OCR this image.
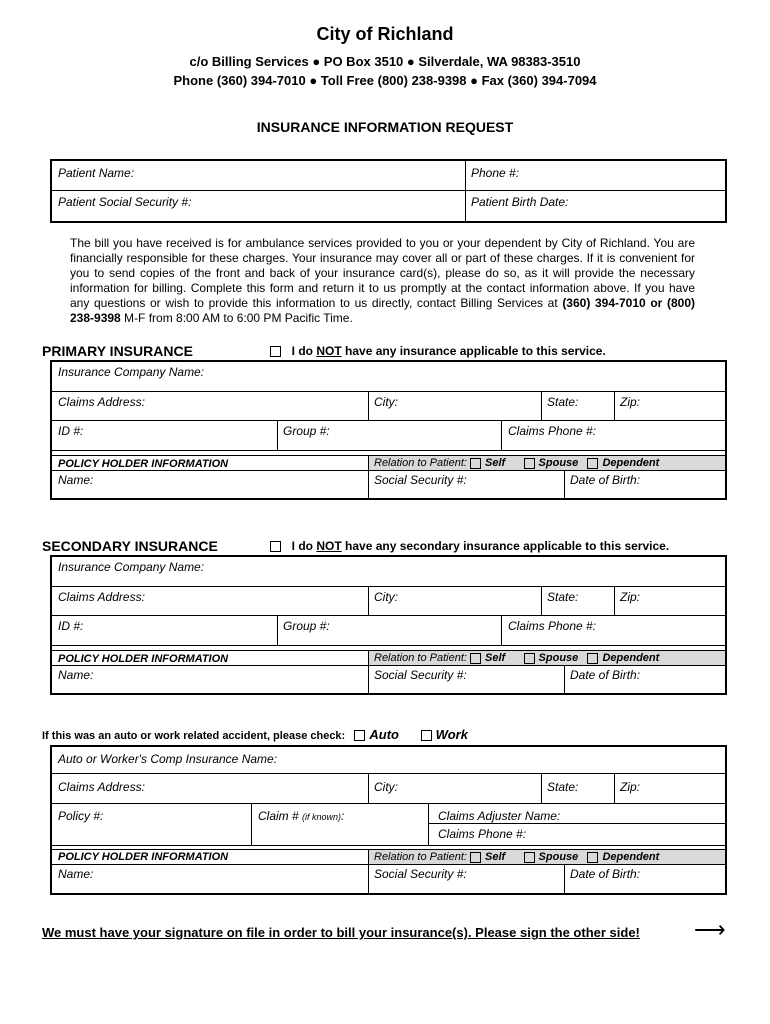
City of Richland
c/o Billing Services ● PO Box 3510 ● Silverdale, WA 98383-3510
Phone (360) 394-7010 ● Toll Free (800) 238-9398 ● Fax (360) 394-7094
INSURANCE INFORMATION REQUEST
Patient Name:	Phone #:
Patient Social Security #:	Patient Birth Date:
The bill you have received is for ambulance services provided to you or your dependent by City of Richland. You are financially responsible for these charges. Your insurance may cover all or part of these charges. If it is convenient for you to send copies of the front and back of your insurance card(s), please do so, as it will provide the necessary information for billing. Complete this form and return it to us promptly at the contact information above. If you have any questions or wish to provide this information to us directly, contact Billing Services at (360) 394-7010 or (800) 238-9398 M-F from 8:00 AM to 6:00 PM Pacific Time.
PRIMARY INSURANCE	I do NOT have any insurance applicable to this service.
Insurance Company Name:
Claims Address:	City:	State:	Zip:
ID #:	Group #:	Claims Phone #:
POLICY HOLDER INFORMATION	Relation to Patient: Self	Spouse Dependent
Name:	Social Security #:	Date of Birth:
SECONDARY INSURANCE	I do NOT have any secondary insurance applicable to this service.
Insurance Company Name:
Claims Address:	City:	State:	Zip:
ID #:	Group #:	Claims Phone #:
POLICY HOLDER INFORMATION	Relation to Patient: Self	Spouse Dependent
Name:	Social Security #:	Date of Birth:
If this was an auto or work related accident, please check: Auto	Work
Auto or Worker's Comp Insurance Name:
Claims Address:	City:	State:	Zip:
Policy #:	Claim # (if known):	Claims Adjuster Name:
Claims Phone #:
POLICY HOLDER INFORMATION	Relation to Patient: Self	Spouse Dependent
Name:	Social Security #:	Date of Birth:
We must have your signature on file in order to bill your insurance(s). Please sign the other side! ⟶
